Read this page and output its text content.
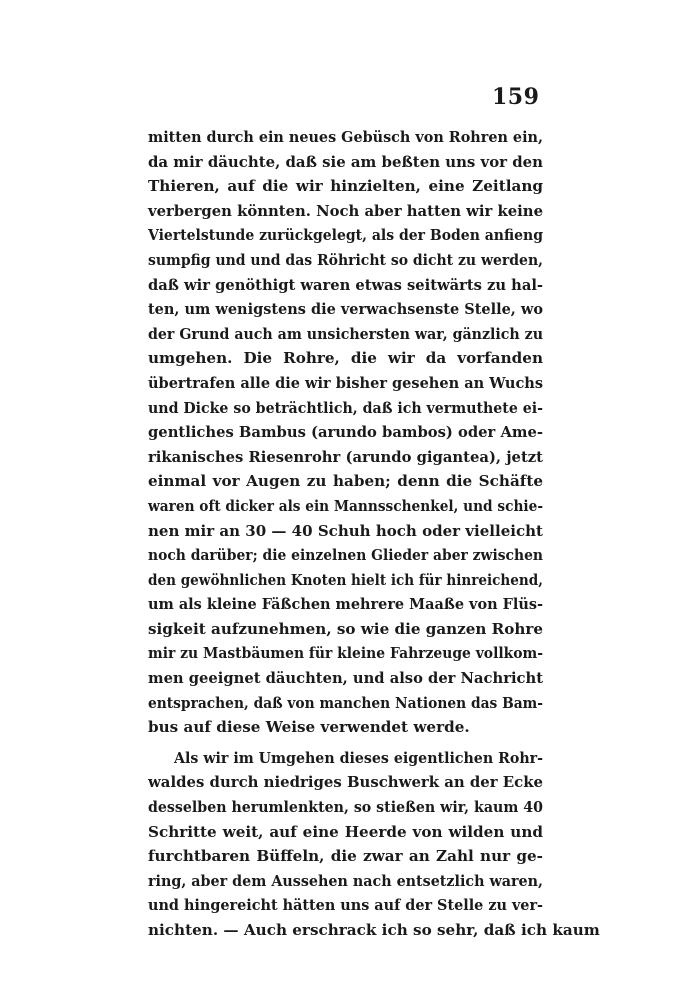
159
mitten durch ein neues Gebüsch von Rohren ein,
da mir däuchte, daß sie am beßten uns vor den
Thieren, auf die wir hinzielten, eine Zeitlang
verbergen könnten. Noch aber hatten wir keine
Viertelstunde zurückgelegt, als der Boden anfieng
sumpfig und und das Röhricht so dicht zu werden,
daß wir genöthigt waren etwas seitwärts zu hal-
ten, um wenigstens die verwachsenste Stelle, wo
der Grund auch am unsichersten war, gänzlich zu
umgehen. Die Rohre, die wir da vorfanden
übertrafen alle die wir bisher gesehen an Wuchs
und Dicke so beträchtlich, daß ich vermuthete ei-
gentliches Bambus (arundo bambos) oder Ame-
rikanisches Riesenrohr (arundo gigantea), jetzt
einmal vor Augen zu haben; denn die Schäfte
waren oft dicker als ein Mannsschenkel, und schie-
nen mir an 30 — 40 Schuh hoch oder vielleicht
noch darüber; die einzelnen Glieder aber zwischen
den gewöhnlichen Knoten hielt ich für hinreichend,
um als kleine Fäßchen mehrere Maaße von Flüs-
sigkeit aufzunehmen, so wie die ganzen Rohre
mir zu Mastbäumen für kleine Fahrzeuge vollkom-
men geeignet däuchten, und also der Nachricht
entsprachen, daß von manchen Nationen das Bam-
bus auf diese Weise verwendet werde.
Als wir im Umgehen dieses eigentlichen Rohr-
waldes durch niedriges Buschwerk an der Ecke
desselben herumlenkten, so stießen wir, kaum 40
Schritte weit, auf eine Heerde von wilden und
furchtbaren Büffeln, die zwar an Zahl nur ge-
ring, aber dem Aussehen nach entsetzlich waren,
und hingereicht hätten uns auf der Stelle zu ver-
nichten. — Auch erschrack ich so sehr, daß ich kaum
